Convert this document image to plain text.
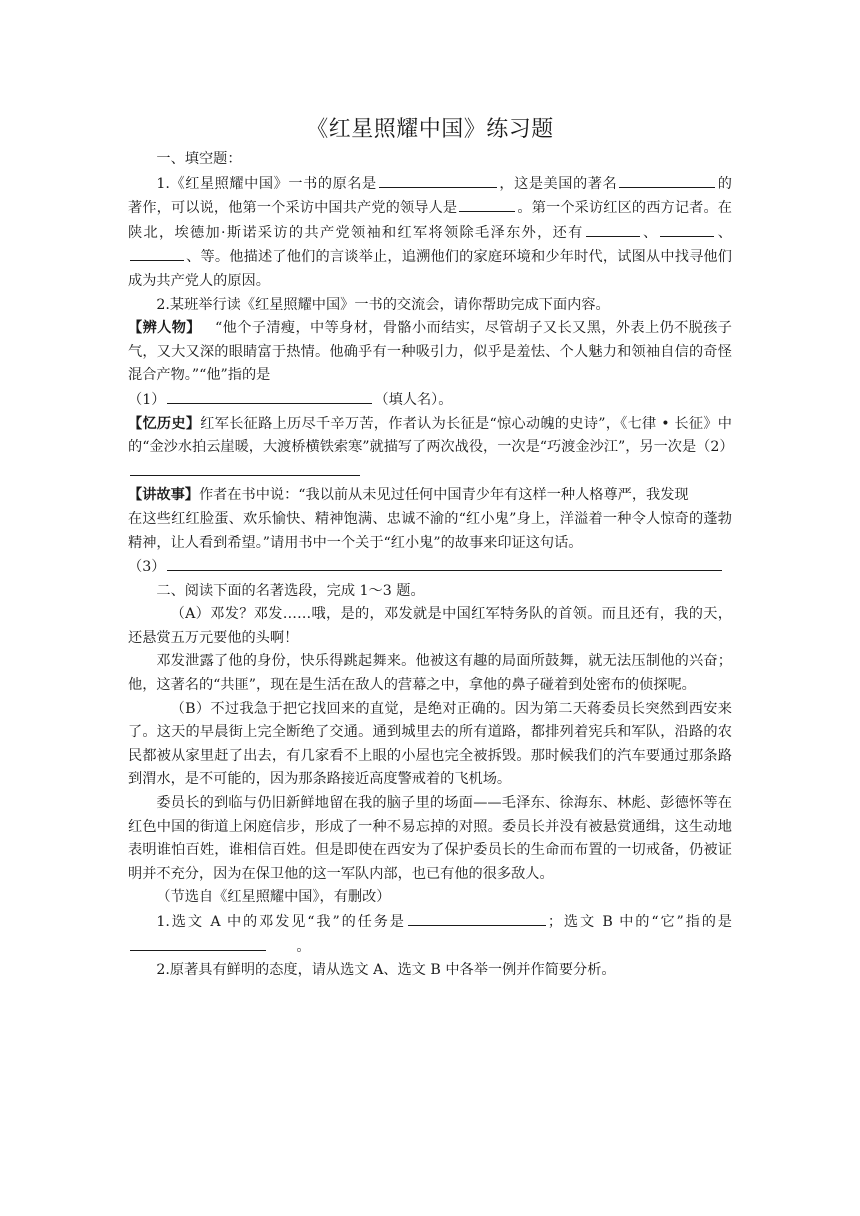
《红星照耀中国》练习题

一、填空题：

1.《红星照耀中国》一书的原名是	，这是美国的著名	的著作，可以说，他第一个采访中国共产党的领导人是	。第一个采访红区的西方记者。在陕北，埃德加·斯诺采访的共产党领袖和红军将领除毛泽东外，还有	、	、、等。他描述了他们的言谈举止，追溯他们的家庭环境和少年时代，试图从中找寻他们成为共产党人的原因。

2.某班举行读《红星照耀中国》一书的交流会，请你帮助完成下面内容。

【辨人物】  “他个子清瘦，中等身材，骨骼小而结实，尽管胡子又长又黑，外表上仍不脱孩子气，又大又深的眼睛富于热情。他确乎有一种吸引力，似乎是羞怯、个人魅力和领袖自信的奇怪混合产物。”“他”指的是

（1）	（填人名）。

【忆历史】红军长征路上历尽千辛万苦，作者认为长征是“惊心动魄的史诗”，《七律 • 长征》中的“金沙水拍云崖暖，大渡桥横铁索寒”就描写了两次战役，一次是“巧渡金沙江”，另一次是（2）

【讲故事】作者在书中说：“我以前从未见过任何中国青少年有这样一种人格尊严，我发现

在这些红红脸蛋、欢乐愉快、精神饱满、忠诚不渝的“红小鬼”身上，洋溢着一种令人惊奇的蓬勃精神，让人看到希望。”请用书中一个关于“红小鬼”的故事来印证这句话。

（3）

二、阅读下面的名著选段，完成 1～3 题。

（A）邓发？邓发……哦，是的，邓发就是中国红军特务队的首领。而且还有，我的天，还悬赏五万元要他的头啊！

邓发泄露了他的身份，快乐得跳起舞来。他被这有趣的局面所鼓舞，就无法压制他的兴奋；他，这著名的“共匪”，现在是生活在敌人的营幕之中，拿他的鼻子碰着到处密布的侦探呢。

（B）不过我急于把它找回来的直觉，是绝对正确的。因为第二天蒋委员长突然到西安来了。这天的早晨街上完全断绝了交通。通到城里去的所有道路，都排列着宪兵和军队，沿路的农民都被从家里赶了出去，有几家看不上眼的小屋也完全被拆毁。那时候我们的汽车要通过那条路到渭水，是不可能的，因为那条路接近高度警戒着的飞机场。

委员长的到临与仍旧新鲜地留在我的脑子里的场面——毛泽东、徐海东、林彪、彭德怀等在红色中国的街道上闲庭信步，形成了一种不易忘掉的对照。委员长并没有被悬赏通缉，这生动地表明谁怕百姓，谁相信百姓。但是即使在西安为了保护委员长的生命而布置的一切戒备，仍被证明并不充分，因为在保卫他的这一军队内部，也已有他的很多敌人。

（节选自《红星照耀中国》，有删改）

1.选文 A 中的邓发见“我”的任务是	；选文 B 中的“它”指的是  。

2.原著具有鲜明的态度，请从选文 A、选文 B 中各举一例并作简要分析。
